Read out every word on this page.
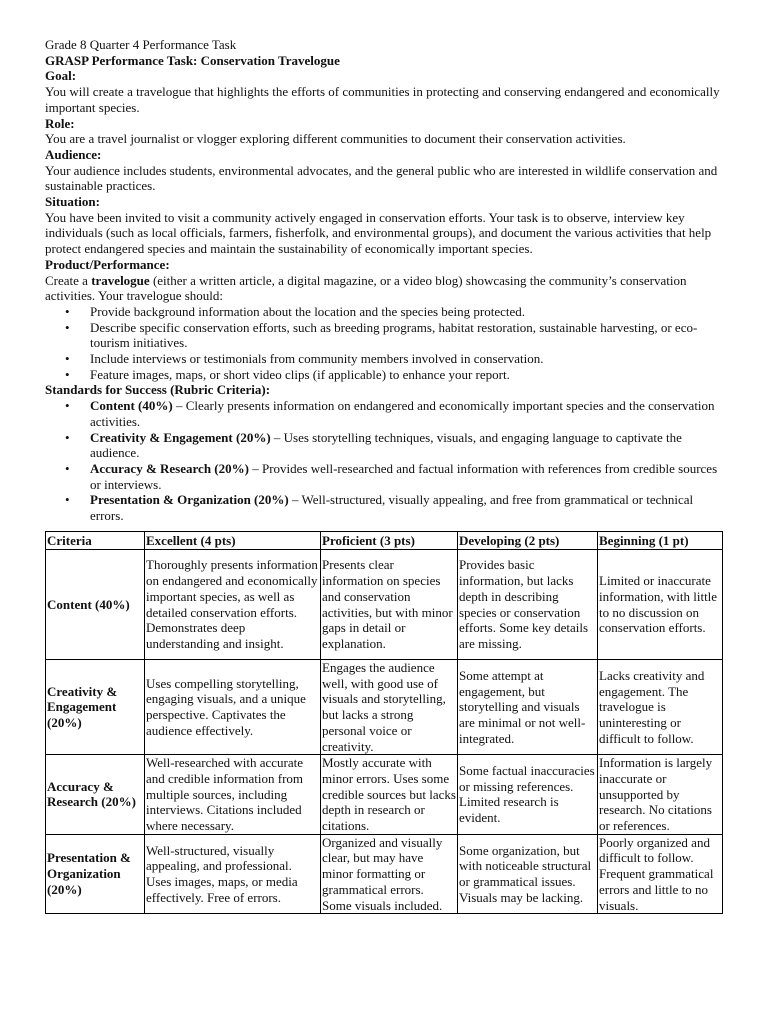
Grade 8 Quarter 4 Performance Task

GRASP Performance Task: Conservation Travelogue

Goal:

You will create a travelogue that highlights the efforts of communities in protecting and conserving endangered and economically important species.

Role:

You are a travel journalist or vlogger exploring different communities to document their conservation activities.

Audience:

Your audience includes students, environmental advocates, and the general public who are interested in wildlife conservation and sustainable practices.

Situation:

You have been invited to visit a community actively engaged in conservation efforts. Your task is to observe, interview key individuals (such as local officials, farmers, fisherfolk, and environmental groups), and document the various activities that help protect endangered species and maintain the sustainability of economically important species.

Product/Performance:

Create a travelogue (either a written article, a digital magazine, or a video blog) showcasing the community’s conservation activities. Your travelogue should:

• Provide background information about the location and the species being protected.
• Describe specific conservation efforts, such as breeding programs, habitat restoration, sustainable harvesting, or eco-tourism initiatives.
• Include interviews or testimonials from community members involved in conservation.
• Feature images, maps, or short video clips (if applicable) to enhance your report.

Standards for Success (Rubric Criteria):

• Content (40%) – Clearly presents information on endangered and economically important species and the conservation activities.
• Creativity & Engagement (20%) – Uses storytelling techniques, visuals, and engaging language to captivate the audience.
• Accuracy & Research (20%) – Provides well-researched and factual information with references from credible sources or interviews.
• Presentation & Organization (20%) – Well-structured, visually appealing, and free from grammatical or technical errors.
Criteria	Excellent (4 pts)	Proficient (3 pts)	Developing (2 pts)	Beginning (1 pt)
Content (40%)	Thoroughly presents information on endangered and economically important species, as well as detailed conservation efforts. Demonstrates deep understanding and insight.	Presents clear information on species and conservation activities, but with minor gaps in detail or explanation.	Provides basic information, but lacks depth in describing species or conservation efforts. Some key details are missing.	Limited or inaccurate information, with little to no discussion on conservation efforts.
Creativity & Engagement (20%)	Uses compelling storytelling, engaging visuals, and a unique perspective. Captivates the audience effectively.	Engages the audience well, with good use of visuals and storytelling, but lacks a strong personal voice or creativity.	Some attempt at engagement, but storytelling and visuals are minimal or not well-integrated.	Lacks creativity and engagement. The travelogue is uninteresting or difficult to follow.
Accuracy & Research (20%)	Well-researched with accurate and credible information from multiple sources, including interviews. Citations included where necessary.	Mostly accurate with minor errors. Uses some credible sources but lacks depth in research or citations.	Some factual inaccuracies or missing references. Limited research is evident.	Information is largely inaccurate or unsupported by research. No citations or references.
Presentation & Organization (20%)	Well-structured, visually appealing, and professional. Uses images, maps, or media effectively. Free of errors.	Organized and visually clear, but may have minor formatting or grammatical errors. Some visuals included.	Some organization, but with noticeable structural or grammatical issues. Visuals may be lacking.	Poorly organized and difficult to follow. Frequent grammatical errors and little to no visuals.
